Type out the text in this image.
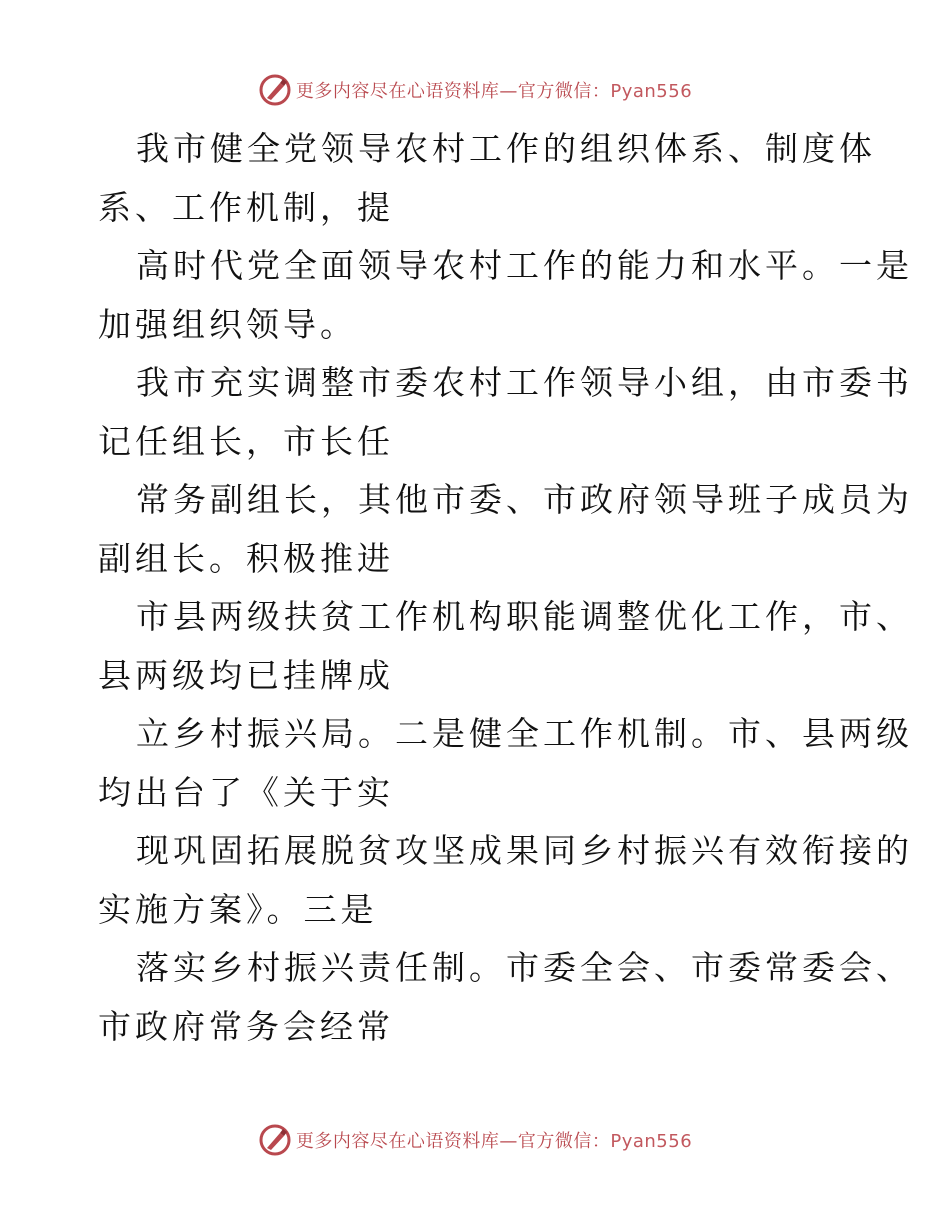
更多内容尽在心语资料库—官方微信：Pyan556

我市健全党领导农村工作的组织体系、制度体
系、工作机制，提

高时代党全面领导农村工作的能力和水平。一是
加强组织领导。

我市充实调整市委农村工作领导小组，由市委书
记任组长，市长任

常务副组长，其他市委、市政府领导班子成员为
副组长。积极推进

市县两级扶贫工作机构职能调整优化工作，市、
县两级均已挂牌成

立乡村振兴局。二是健全工作机制。市、县两级
均出台了《关于实

现巩固拓展脱贫攻坚成果同乡村振兴有效衔接的
实施方案》。三是

落实乡村振兴责任制。市委全会、市委常委会、
市政府常务会经常

更多内容尽在心语资料库—官方微信：Pyan556
